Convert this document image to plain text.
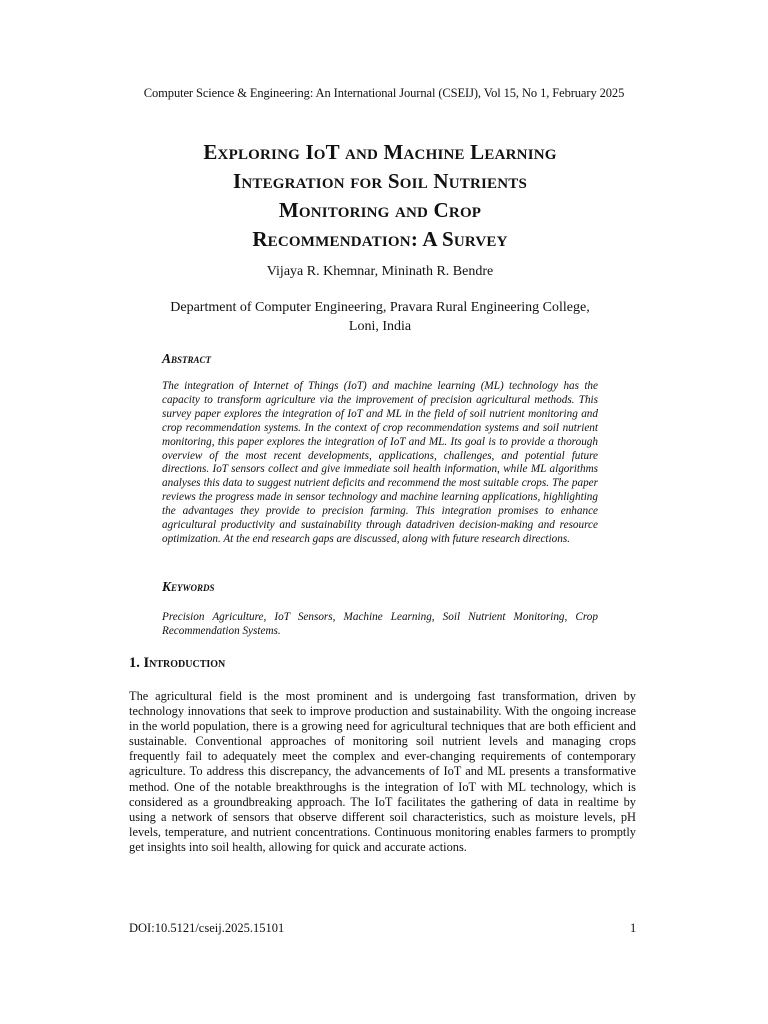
Computer Science & Engineering: An International Journal (CSEIJ), Vol 15, No 1, February 2025
Exploring IoT and Machine Learning
Integration for Soil Nutrients
Monitoring and Crop
Recommendation: A Survey
Vijaya R. Khemnar, Mininath R. Bendre
Department of Computer Engineering, Pravara Rural Engineering College,
Loni, India
Abstract
The integration of Internet of Things (IoT) and machine learning (ML) technology has the capacity to transform agriculture via the improvement of precision agricultural methods. This survey paper explores the integration of IoT and ML in the field of soil nutrient monitoring and crop recommendation systems. In the context of crop recommendation systems and soil nutrient monitoring, this paper explores the integration of IoT and ML. Its goal is to provide a thorough overview of the most recent developments, applications, challenges, and potential future directions. IoT sensors collect and give immediate soil health information, while ML algorithms analyses this data to suggest nutrient deficits and recommend the most suitable crops. The paper reviews the progress made in sensor technology and machine learning applications, highlighting the advantages they provide to precision farming. This integration promises to enhance agricultural productivity and sustainability through datadriven decision-making and resource optimization. At the end research gaps are discussed, along with future research directions.
Keywords
Precision Agriculture, IoT Sensors, Machine Learning, Soil Nutrient Monitoring, Crop Recommendation Systems.
1. Introduction
The agricultural field is the most prominent and is undergoing fast transformation, driven by technology innovations that seek to improve production and sustainability. With the ongoing increase in the world population, there is a growing need for agricultural techniques that are both efficient and sustainable. Conventional approaches of monitoring soil nutrient levels and managing crops frequently fail to adequately meet the complex and ever-changing requirements of contemporary agriculture. To address this discrepancy, the advancements of IoT and ML presents a transformative method. One of the notable breakthroughs is the integration of IoT with ML technology, which is considered as a groundbreaking approach. The IoT facilitates the gathering of data in realtime by using a network of sensors that observe different soil characteristics, such as moisture levels, pH levels, temperature, and nutrient concentrations. Continuous monitoring enables farmers to promptly get insights into soil health, allowing for quick and accurate actions.
DOI:10.5121/cseij.2025.15101	1
